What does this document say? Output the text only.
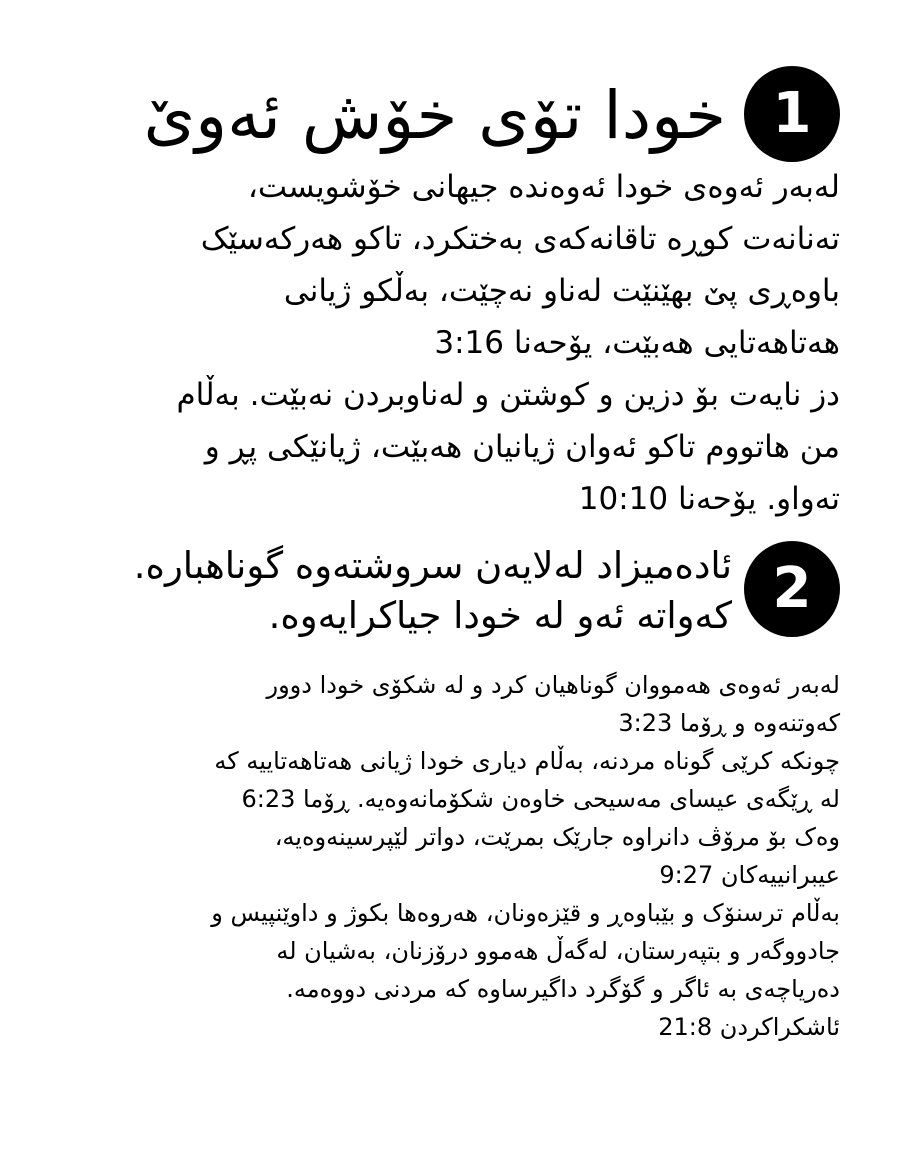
1
خودا تۆی خۆش ئەوێ

لەبەر ئەوەی خودا ئەوەندە جیهانی خۆشویست،
تەنانەت کوڕە تاقانەکەی بەختکرد، تاکو هەرکەسێک
باوەڕی پێ بهێنێت لەناو نەچێت، بەڵکو ژیانی
هەتاهەتایی هەبێت، یۆحەنا 3:16

دز نایەت بۆ دزین و کوشتن و لەناوبردن نەبێت. بەڵام
من هاتووم تاکو ئەوان ژیانیان هەبێت، ژیانێکی پڕ و
تەواو. یۆحەنا 10:10

2
ئادەمیزاد لەلایەن سروشتەوە گوناهبارە.
کەواتە ئەو لە خودا جیاکرایەوە.

لەبەر ئەوەی هەمووان گوناهیان کرد و لە شکۆی خودا دوور
کەوتنەوە و ڕۆما 3:23

چونکە کرێی گوناە مردنە، بەڵام دیاری خودا ژیانی هەتاهەتاییە کە
لە ڕێگەی عیسای مەسیحی خاوەن شکۆمانەوەیە. ڕۆما 6:23

وەک بۆ مرۆڤ دانراوە جارێک بمرێت، دواتر لێپرسینەوەیە،
عیبرانییەکان 9:27

بەڵام ترسنۆک و بێباوەڕ و قێزەونان، هەروەها بکوژ و داوێنپیس و
جادووگەر و بتپەرستان، لەگەڵ هەموو درۆزنان، بەشیان لە
دەریاچەی بە ئاگر و گۆگرد داگیرساوە کە مردنی دووەمە.
ئاشکراکردن 21:8
